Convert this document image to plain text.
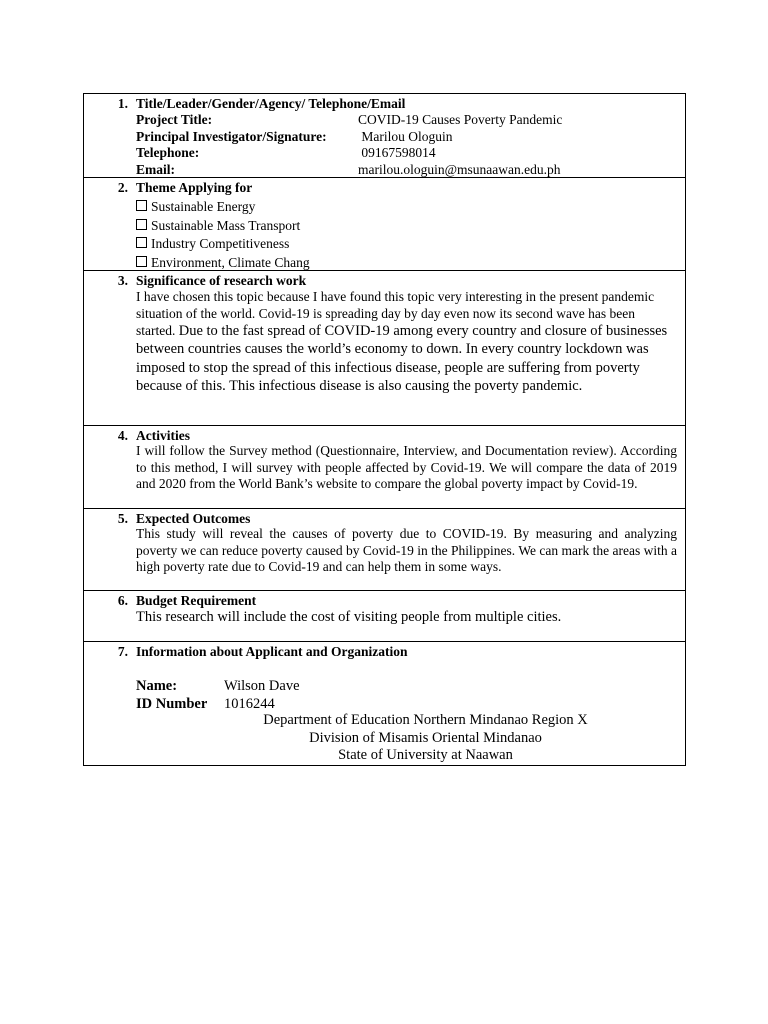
1. Title/Leader/Gender/Agency/ Telephone/Email
Project Title:	COVID-19 Causes Poverty Pandemic
Principal Investigator/Signature: Marilou Ologuin
Telephone:	09167598014
Email:	marilou.ologuin@msunaawan.edu.ph
2. Theme Applying for
Sustainable Energy
Sustainable Mass Transport
Industry Competitiveness
Environment, Climate Chang
3. Significance of research work
I have chosen this topic because I have found this topic very interesting in the present pandemic situation of the world. Covid-19 is spreading day by day even now its second wave has been started. Due to the fast spread of COVID-19 among every country and closure of businesses between countries causes the world’s economy to down. In every country lockdown was imposed to stop the spread of this infectious disease, people are suffering from poverty because of this. This infectious disease is also causing the poverty pandemic.
4. Activities
I will follow the Survey method (Questionnaire, Interview, and Documentation review). According to this method, I will survey with people affected by Covid-19. We will compare the data of 2019 and 2020 from the World Bank’s website to compare the global poverty impact by Covid-19.
5. Expected Outcomes
This study will reveal the causes of poverty due to COVID-19. By measuring and analyzing poverty we can reduce poverty caused by Covid-19 in the Philippines. We can mark the areas with a high poverty rate due to Covid-19 and can help them in some ways.
6. Budget Requirement
This research will include the cost of visiting people from multiple cities.
7. Information about Applicant and Organization
Name:	Wilson Dave
ID Number 1016244
Department of Education Northern Mindanao Region X
Division of Misamis Oriental Mindanao
State of University at Naawan
